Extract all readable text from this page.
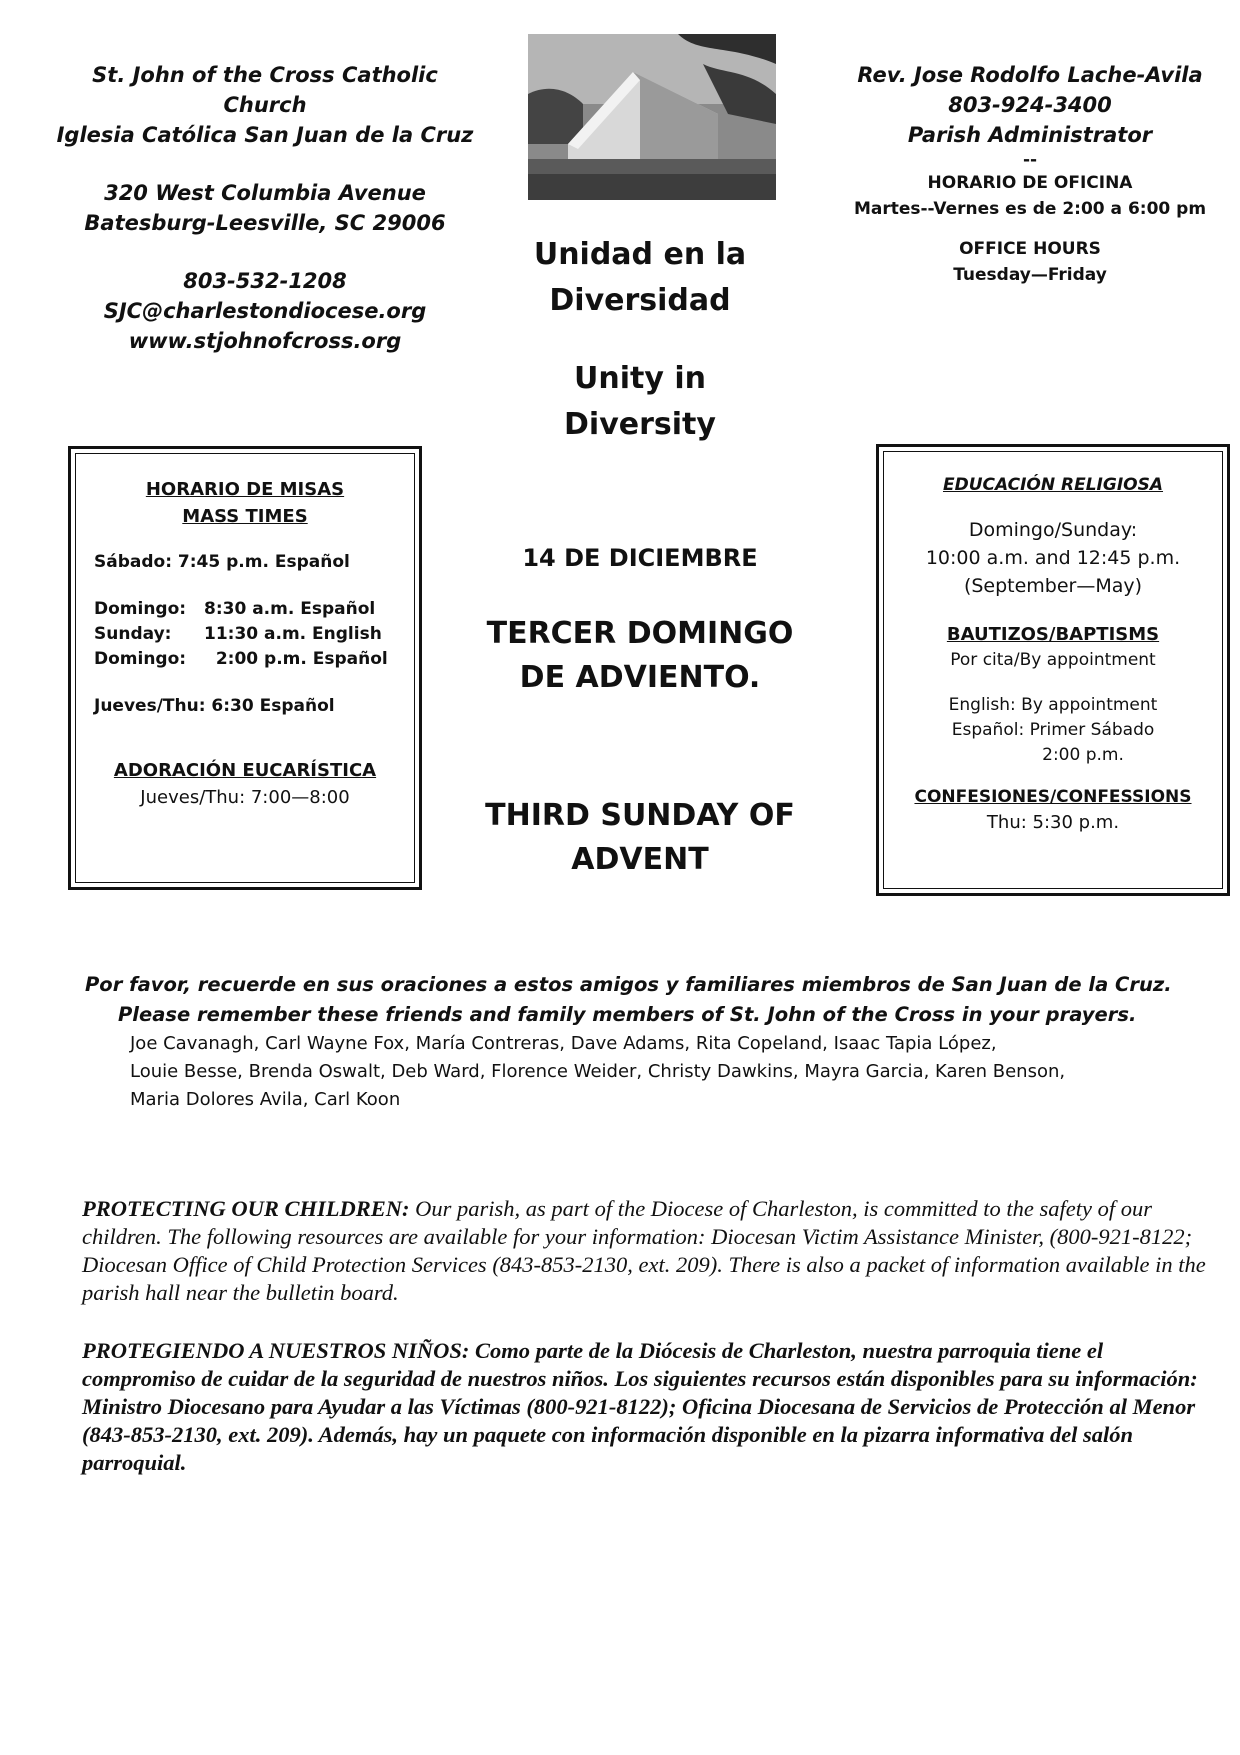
St. John of the Cross Catholic Church
Iglesia Católica San Juan de la Cruz
320 West Columbia Avenue
Batesburg-Leesville, SC 29006
803-532-1208
SJC@charlestondiocese.org
www.stjohnofcross.org
Rev. Jose Rodolfo Lache-Avila
803-924-3400
Parish Administrator
--
HORARIO DE OFICINA
Martes--Vernes es de 2:00 a 6:00 pm
OFFICE HOURS
Tuesday—Friday
Unidad en la Diversidad
Unity in Diversity
14 DE DICIEMBRE
TERCER DOMINGO DE ADVIENTO.
THIRD SUNDAY OF ADVENT
HORARIO DE MISAS
MASS TIMES
Sábado: 7:45 p.m. Español
Domingo: 8:30 a.m. Español
Sunday: 11:30 a.m. English
Domingo:  2:00 p.m. Español
Jueves/Thu: 6:30 Español
ADORACIÓN EUCARÍSTICA
Jueves/Thu: 7:00—8:00
EDUCACIÓN RELIGIOSA
Domingo/Sunday:
10:00 a.m. and 12:45 p.m.
(September—May)
BAUTIZOS/BAPTISMS
Por cita/By appointment
English: By appointment
Español: Primer Sábado
2:00 p.m.
CONFESIONES/CONFESSIONS
Thu: 5:30 p.m.
Por favor, recuerde en sus oraciones a estos amigos y familiares miembros de San Juan de la Cruz.
Please remember these friends and family members of St. John of the Cross in your prayers.
Joe Cavanagh, Carl Wayne Fox, María Contreras, Dave Adams, Rita Copeland, Isaac Tapia López,
Louie Besse, Brenda Oswalt, Deb Ward, Florence Weider, Christy Dawkins, Mayra Garcia, Karen Benson,
Maria Dolores Avila, Carl Koon
PROTECTING OUR CHILDREN: Our parish, as part of the Diocese of Charleston, is committed to the safety of our children. The following resources are available for your information: Diocesan Victim Assistance Minister, (800-921-8122; Diocesan Office of Child Protection Services (843-853-2130, ext. 209). There is also a packet of information available in the parish hall near the bulletin board.
PROTEGIENDO A NUESTROS NIÑOS: Como parte de la Diócesis de Charleston, nuestra parroquia tiene el compromiso de cuidar de la seguridad de nuestros niños. Los siguientes recursos están disponibles para su información: Ministro Diocesano para Ayudar a las Víctimas (800-921-8122); Oficina Diocesana de Servicios de Protección al Menor (843-853-2130, ext. 209). Además, hay un paquete con información disponible en la pizarra informativa del salón parroquial.
